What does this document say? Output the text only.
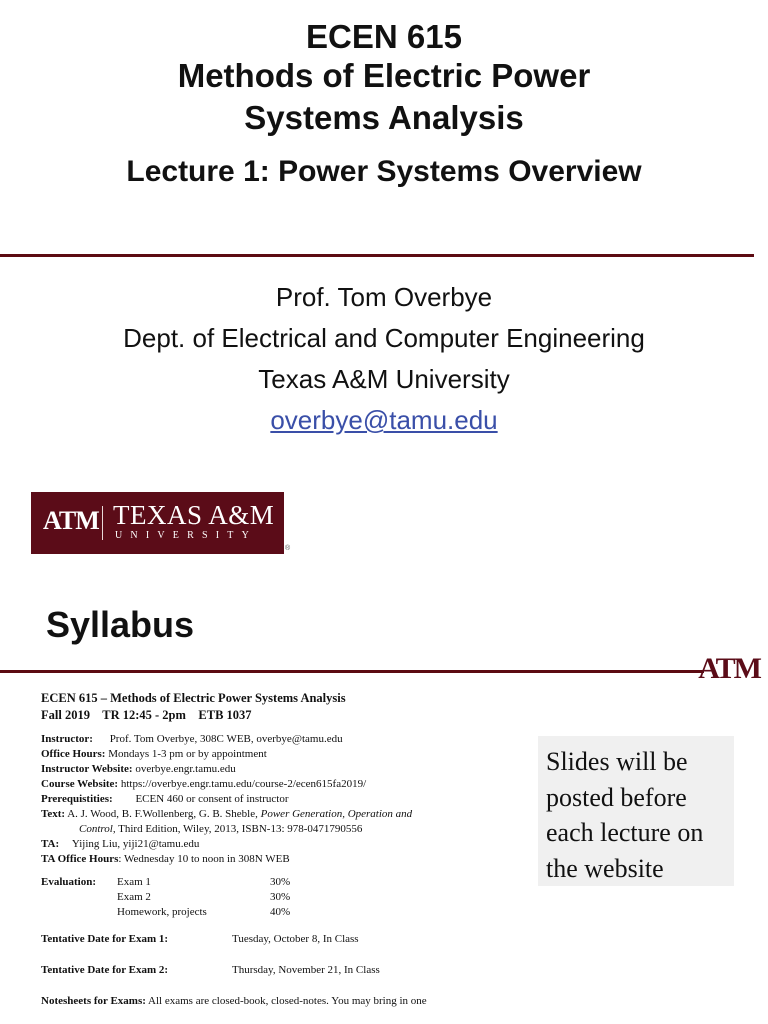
ECEN 615
Methods of Electric Power
Systems Analysis
Lecture 1: Power Systems Overview
Prof. Tom Overbye
Dept. of Electrical and Computer Engineering
Texas A&M University
overbye@tamu.edu
ATM TEXAS A&M
UNIVERSITY
®
Syllabus
ATM
ECEN 615 – Methods of Electric Power Systems Analysis
Fall 2019    TR 12:45 - 2pm    ETB 1037
Instructor: Prof. Tom Overbye, 308C WEB, overbye@tamu.edu
Office Hours: Mondays 1-3 pm or by appointment
Instructor Website: overbye.engr.tamu.edu
Course Website: https://overbye.engr.tamu.edu/course-2/ecen615fa2019/
Prerequistities: ECEN 460 or consent of instructor
Text: A. J. Wood, B. F.Wollenberg, G. B. Sheble, Power Generation, Operation and
Control, Third Edition, Wiley, 2013, ISBN-13: 978-0471790556
TA: Yijing Liu, yiji21@tamu.edu
TA Office Hours: Wednesday 10 to noon in 308N WEB
Evaluation: Exam 1	30%
Exam 2	30%
Homework, projects	40%
Tentative Date for Exam 1:	Tuesday, October 8, In Class
Tentative Date for Exam 2:	Thursday, November 21, In Class
Notesheets for Exams: All exams are closed-book, closed-notes. You may bring in one
Slides will be
posted before
each lecture on
the website
